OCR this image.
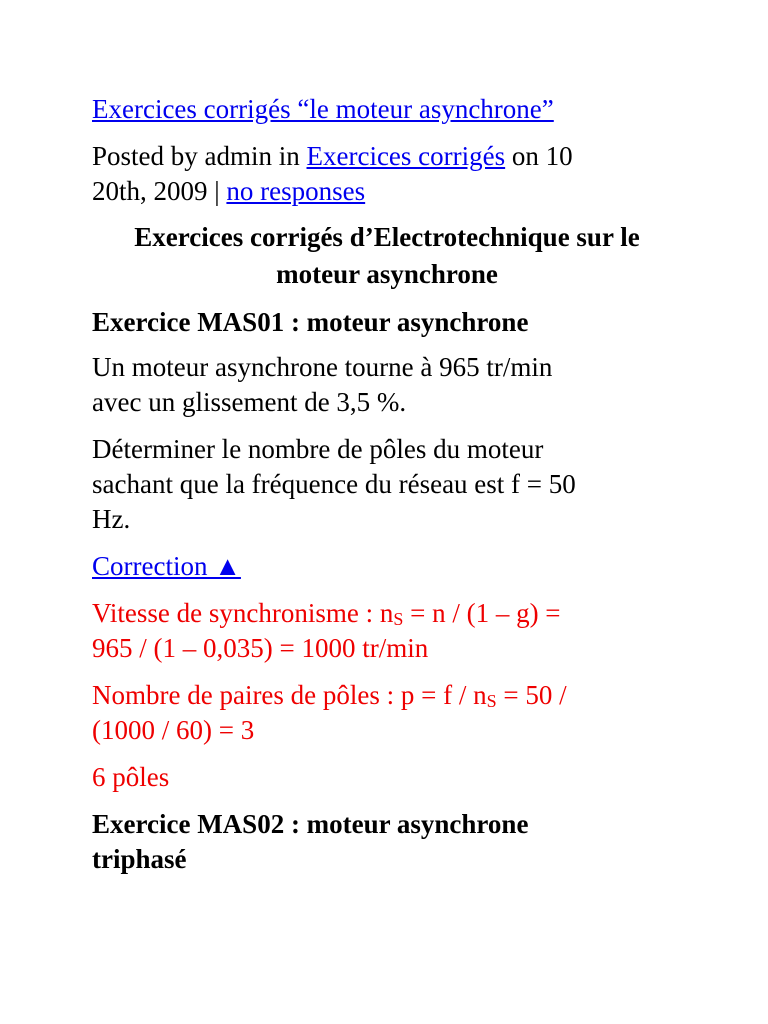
Exercices corrigés “le moteur asynchrone”
Posted by admin in Exercices corrigés on 10
20th, 2009 | no responses
Exercices corrigés d’Electrotechnique sur le
moteur asynchrone
Exercice MAS01 : moteur asynchrone
Un moteur asynchrone tourne à 965 tr/min
avec un glissement de 3,5 %.
Déterminer le nombre de pôles du moteur
sachant que la fréquence du réseau est f = 50
Hz.
Correction ▲
Vitesse de synchronisme : $n_S = n / (1 - g)$ =
965 / (1 – 0,035) = 1000 tr/min
Nombre de paires de pôles : $p = f / n_S = 50$ /
(1000 / 60) = 3
6 pôles
Exercice MAS02 : moteur asynchrone
triphasé
